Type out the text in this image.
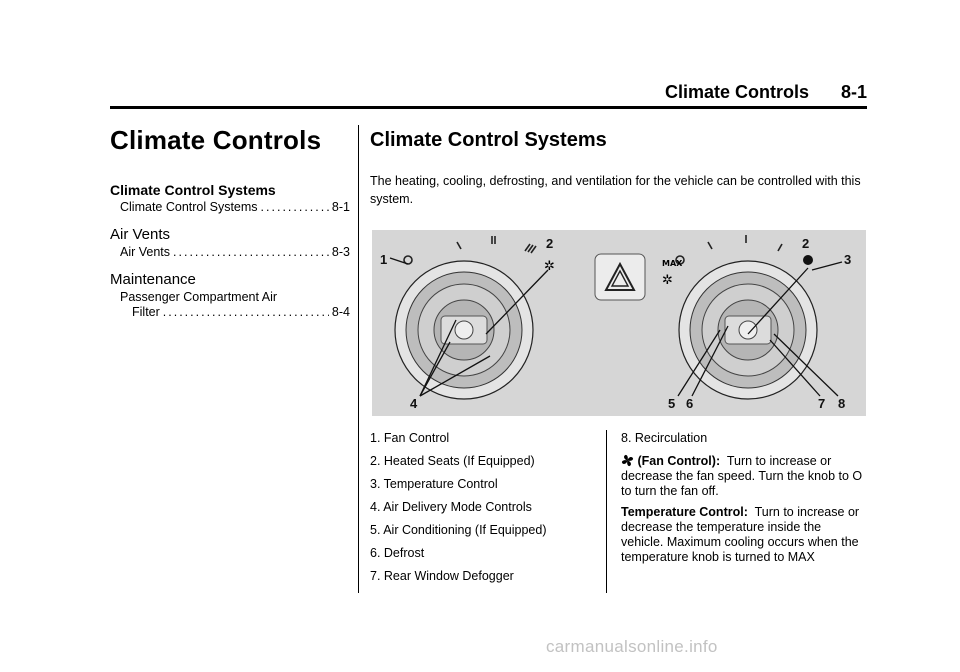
Climate Controls 8-1
Climate Controls
Climate Control Systems
Climate Control Systems .....	8-1
Air Vents
Air Vents .....	8-3
Maintenance
Passenger Compartment Air
Filter .....	8-4
Climate Control Systems

The heating, cooling, defrosting, and ventilation for the vehicle can be controlled with this system.

✲	MAX
✲
1
2	2
3
4	5 6	7 8
1. Fan Control
2. Heated Seats (If Equipped)
3. Temperature Control
4. Air Delivery Mode Controls
5. Air Conditioning (If Equipped)
6. Defrost
7. Rear Window Defogger
8. Recirculation

(Fan Control): Turn to increase or decrease the fan speed. Turn the knob to O to turn the fan off.

Temperature Control: Turn to increase or decrease the temperature inside the vehicle. Maximum cooling occurs when the temperature knob is turned to MAX

carmanualsonline.info
